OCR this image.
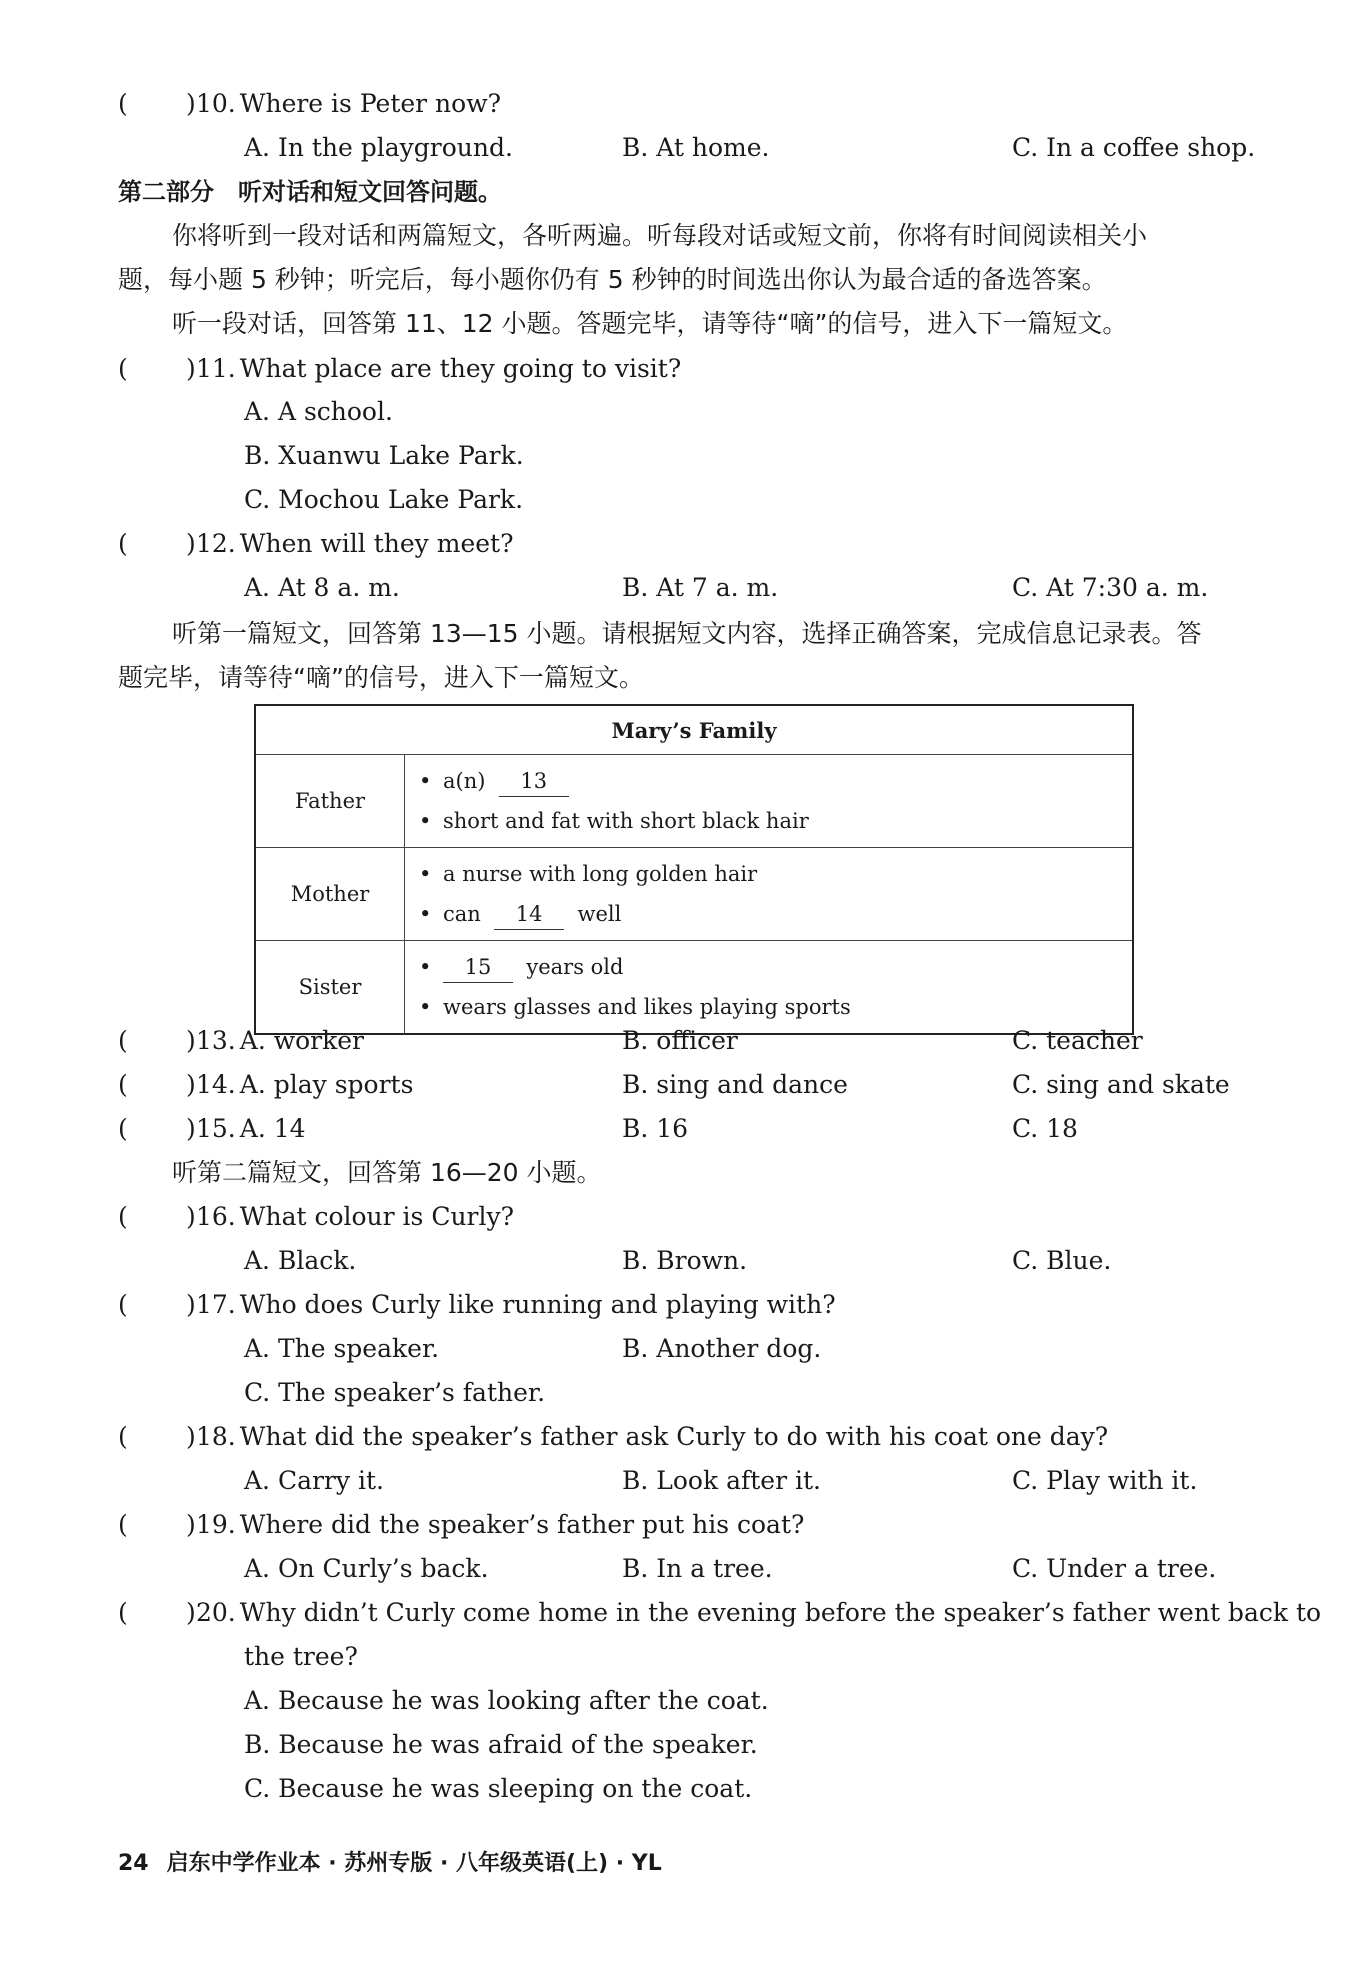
( ) 10. Where is Peter now?
A. In the playground.	B. At home.	C. In a coffee shop.
第二部分　听对话和短文回答问题。
你将听到一段对话和两篇短文，各听两遍。听每段对话或短文前，你将有时间阅读相关小
题，每小题 5 秒钟；听完后，每小题你仍有 5 秒钟的时间选出你认为最合适的备选答案。
听一段对话，回答第 11、12 小题。答题完毕，请等待“嘀”的信号，进入下一篇短文。
( ) 11. What place are they going to visit?
A. A school.
B. Xuanwu Lake Park.
C. Mochou Lake Park.
( ) 12. When will they meet?
A. At 8 a. m.	B. At 7 a. m.	C. At 7:30 a. m.
听第一篇短文，回答第 13—15 小题。请根据短文内容，选择正确答案，完成信息记录表。答
题完毕，请等待“嘀”的信号，进入下一篇短文。
Mary’s Family	
Father	• a(n) 13
• short and fat with short black hair

Mother	• a nurse with long golden hair
• can 14 well

Sister	• 15 years old
• wears glasses and likes playing sports
( ) 13. A. worker	B. officer	C. teacher
( ) 14. A. play sports	B. sing and dance	C. sing and skate
( ) 15. A. 14	B. 16	C. 18
听第二篇短文，回答第 16—20 小题。
( ) 16. What colour is Curly?
A. Black.	B. Brown.	C. Blue.
( ) 17. Who does Curly like running and playing with?
A. The speaker.	B. Another dog.
C. The speaker’s father.
( ) 18. What did the speaker’s father ask Curly to do with his coat one day?
A. Carry it.	B. Look after it.	C. Play with it.
( ) 19. Where did the speaker’s father put his coat?
A. On Curly’s back.	B. In a tree.	C. Under a tree.
( ) 20. Why didn’t Curly come home in the evening before the speaker’s father went back to
the tree?
A. Because he was looking after the coat.
B. Because he was afraid of the speaker.
C. Because he was sleeping on the coat.
24 启东中学作业本 · 苏州专版 · 八年级英语(上) · YL
